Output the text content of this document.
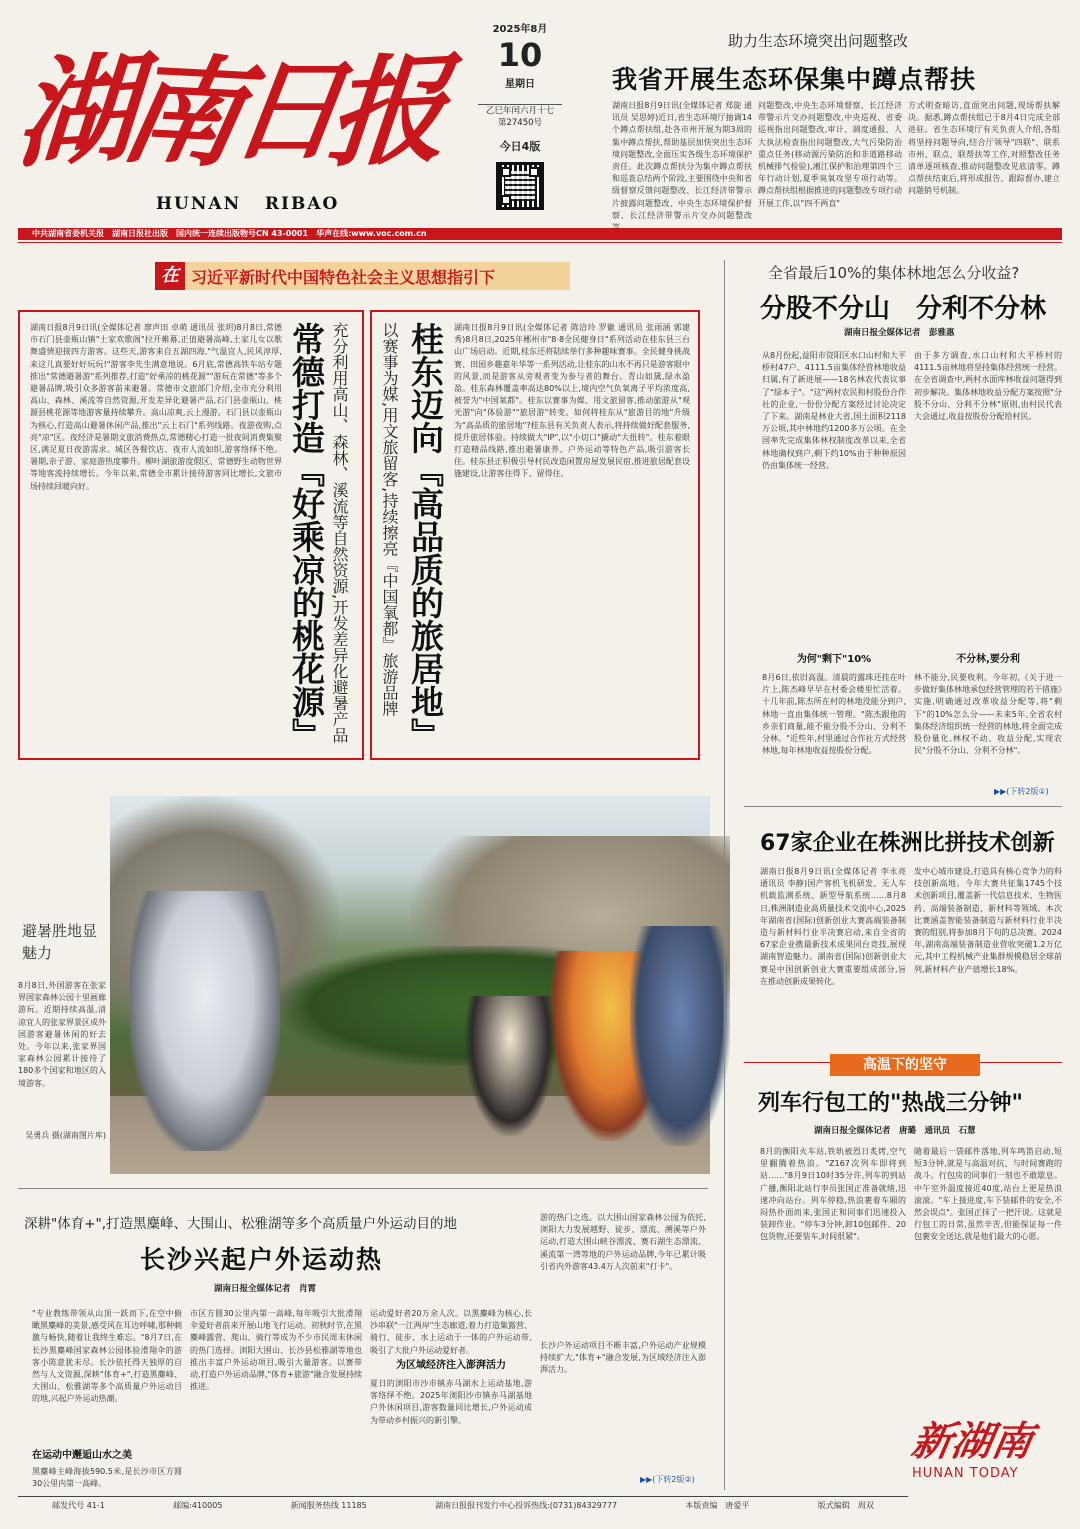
湖
南
日
报
HUNAN   RIBAO
2025年8月
10
星期日
乙巳年闰六月十七
第27450号
今日4版
助力生态环境突出问题整改
我省开展生态环保集中蹲点帮扶
湖南日报8月9日讯(全媒体记者 郑旋 通讯员 吴思婷)近日,省生态环境厅抽调14个蹲点帮扶组,赴各市州开展为期3周的集中蹲点帮扶,帮助基层加快突出生态环境问题整改,全面压实各级生态环境保护责任。此次蹲点帮扶分为集中蹲点帮扶和巡查总结两个阶段,主要围绕中央和省级督察反馈问题整改、长江经济带警示片披露问题整改、中央生态环境保护督察、长江经济带警示片交办问题整改
问题整改,中央生态环境督察、长江经济带警示片交办问题整改,中央巡视、省委巡视指出问题整改,审计、调度通报、人大执法检查指出问题整改,大气污染防治重点任务(移动源污染防治和非道路移动机械排气检验),湘江保护和治理第四个三年行动计划,夏季臭氧攻坚专项行动等。蹲点帮扶组根据推进的问题整改专项行动开展工作,以"四不两直"
方式明查暗访,直面突出问题,现场帮扶解决。据悉,蹲点帮扶组已于8月4日完成全部进驻。省生态环境厅有关负责人介绍,各组将坚持问题导向,结合厅领导"四联"、联系市州、联点、联帮扶等工作,对照整改任务清单逐项核查,推动问题整改见底清零。蹲点帮扶结束后,将形成报告、跟踪督办,建立问题销号机制。
中共湖南省委机关报　湖南日报社出版　国内统一连续出版物号CN 43-0001　华声在线:www.voc.com.cn
在 习近平新时代中国特色社会主义思想指引下
湖南日报8月9日讯(全媒体记者 廖声田 卓萌 通讯员 张玥)8月8日,常德市石门县壶瓶山镇"土家欢歌阁"拉开帷幕,正值避暑高峰,土家儿女以歌舞盛情迎接四方游客。这些天,游客来自五湖四海,"气温宜人,民风淳厚,来这儿真要好好玩玩!"游客李先生满意地说。6月底,常德高铁车站专题推出"常德避暑游"系列推荐,打造"好乘凉的桃花源""游玩在常德"等多个避暑品牌,吸引众多游客前来避暑。常德市文旅部门介绍,全市充分利用高山、森林、溪流等自然资源,开发差异化避暑产品,石门县壶瓶山、桃源县桃花源等地游客量持续攀升。高山凉爽,云上漫游。石门县以壶瓶山为核心,打造高山避暑休闲产品,推出"云上石门"系列线路。夜游夜购,点亮"凉"区。夜经济是暑期文旅消费热点,常德精心打造一批夜间消费集聚区,满足夏日夜游需求。城区各餐饮店、夜市人流如织,游客络绎不绝。暑期,亲子游、家庭游热度攀升。柳叶湖旅游度假区、常德野生动物世界等地客流持续增长。今年以来,常德全市累计接待游客同比增长,文旅市场持续回暖向好。	常德打造『好乘凉的桃花源』 充分利用高山、森林、溪流等自然资源,开发差异化避暑产品 以赛事为媒,用文旅留客,持续擦亮『中国氧都』旅游品牌 桂东迈向『高品质的旅居地』 湖南日报8月9日讯(全媒体记者 陈洽玲 罗徽 通讯员 张雨涵 郭建秀)8月8日,2025年郴州市"8·8全民健身日"系列活动在桂东县三台山广场启动。近期,桂东还将陆续举行多种趣味赛事。全民健身挑战赛、田园乡趣嘉年华等一系列活动,让桂东的山水不再只是游客眼中的风景,而是游客从旁观者变为参与者的舞台。青山如黛,绿水盈盈。桂东森林覆盖率高达80%以上,境内空气负氧离子平均浓度高,被誉为"中国氧都"。桂东以赛事为媒、用文旅留客,推动旅游从"观光游"向"体验游""旅居游"转变。如何将桂东从"旅游目的地"升级为"高品质的旅居地"?桂东县有关负责人表示,将持续做好配套服务,提升旅居体验。持续做大"IP",以"小切口"撬动"大扭转"。桂东着眼打造精品线路,推出避暑康养、户外运动等特色产品,吸引游客长住。桂东县正积极引导村民改造闲置房屋发展民宿,推进旅居配套设施建设,让游客住得下、留得住。
避暑胜地显魅力
8月8日,外国游客在张家界国家森林公园十里画廊游玩。近期持续高温,清凉宜人的张家界景区成外国游客避暑休闲的好去处。今年以来,张家界国家森林公园累计接待了180多个国家和地区的入境游客。
吴勇兵 摄(湖南图片库)
全省最后10%的集体林地怎么分收益?
分股不分山　分利不分林
湖南日报全媒体记者　彭雅惠
从8月份起,益阳市资阳区水口山村和大平桥村47户、4111.5亩集体经营林地收益归属,有了新进展——18名林农代表议事了"绿本子"。"这"两村农民和村股份合作社的企业,一份份分配方案经过讨论决定了下来。湖南是林业大省,国土面积2118万公顷,其中林地约1200多万公顷。在全国率先完成集体林权制度改革以来,全省林地确权到户,剩下约10%由于种种原因仍由集体统一经营。
为何"剩下"10%
8月6日,依旧高温。清晨的露珠还挂在叶片上,陈杰峰早早在村委会楼里忙活着。十几年前,陈杰所在村的林地没能分到户,林地一直由集体统一管理。"陈杰跟他的乡亲们商量,能不能分股不分山、分利不分林。"近些年,村里通过合作社方式经营林地,每年林地收益按股份分配。
由于多方调查,水口山村和大平桥村的4111.5亩林地将坚持集体经营统一经营。在全省调查中,两村水面库林收益问题得到初步解决。集体林地收益分配方案按照"分股不分山、分利不分林"原则,由村民代表大会通过,收益按股份分配给村民。
不分林,要分利
林不能分,民要收利。今年初,《关于进一步做好集体林地承包经营管理的若干措施》实施,明确通过改革收益分配等,将"剩下"的10%怎么分——未来5年,全省农村集体经济组织统一经营的林地,将全面完成股份量化,林权不动、收益分配,实现农民"分股不分山、分利不分林"。
▶▶(下转2版①)
67家企业在株洲比拼技术创新
湖南日报8月9日讯(全媒体记者 李永亮 通讯员 李静)国产客机飞机研发、无人车机载监测系统、新型导航系统……8月8日,株洲制造业高质量技术交流中心,2025年湖南省(国际)创新创业大赛高端装备制造与新材料行业半决赛启动,来自全省的67家企业携最新技术成果同台竞技,展现湖南智造魅力。湖南省(国际)创新创业大赛是中国创新创业大赛重要组成部分,旨在推动创新成果转化。
发中心城市建设,打造具有核心竞争力的科技创新高地。今年大赛共征集1745个技术创新项目,覆盖新一代信息技术、生物医药、高端装备制造、新材料等领域。本次比赛涵盖智能装备制造与新材料行业半决赛的组别,将参加8月下旬的总决赛。2024年,湖南高端装备制造业营收突破1.2万亿元,其中工程机械产业集群规模稳居全球前列,新材料产业产值增长18%。
高温下的坚守
列车行包工的"热战三分钟"
湖南日报全媒体记者　唐璐　通讯员　石慧
8月的衡阳火车站,铁轨被烈日炙烤,空气里翻腾着热浪。"Z167次列车即将到站……"8月9日10时35分许,列车的到站广播,衡阳北站行李员张国正准备就绪,迅速冲向站台。列车停稳,热浪裹着车厢的闷热扑面而来,张国正和同事们迅速投入装卸作业。"停车3分钟,卸10包邮件、20包货物,还要装车,时间很紧"。
随着最后一袋邮件落地,列车鸣笛启动,短短3分钟,就是与高温对抗、与时间赛跑的战斗。行包房的同事们一刻也不敢歇息。中午室外温度接近40度,站台上更是热浪滚滚。"车上接进度,车下装邮件的安全,不然会误点"。张国正抹了一把汗说。这就是行包工的日常,虽然辛苦,但能保证每一件包裹安全送达,就是他们最大的心愿。
新湖南
HUNAN TODAY
深耕"体育+",打造黑麋峰、大围山、松雅湖等多个高质量户外运动目的地
长沙兴起户外运动热
湖南日报全媒体记者　肖霄
"专业教练带领从山顶一跃而下,在空中俯瞰黑麋峰的美景,感受风在耳边呼啸,那种刺激与畅快,随着让我终生难忘。"8月7日,在长沙黑麋峰国家森林公园体验滑翔伞的游客小陈意犹未尽。长沙依托得天独厚的自然与人文资源,深耕"体育+",打造黑麋峰、大围山、松雅湖等多个高质量户外运动目的地,兴起户外运动热潮。
在运动中邂逅山水之美
黑麋峰主峰海拔590.5米,是长沙市区方圆30公里内第一高峰。
市区方圆30公里内第一高峰,每年吸引大批滑翔伞爱好者前来开展山地飞行运动。初秋时节,在黑麋峰露营、爬山、骑行等成为不少市民周末休闲的热门选择。浏阳大围山、长沙县松雅湖等地也推出丰富户外运动项目,吸引大量游客。以赛带动,打造户外运动品牌,"体育+旅游"融合发展持续推进。
运动爱好者20万余人次。以黑麋峰为核心,长沙串联"一江两岸"生态廊道,着力打造集露营、骑行、徒步、水上运动于一体的户外运动带,吸引了大批户外运动爱好者。
为区域经济注入澎湃活力
夏日的浏阳市沙市镇赤马湖水上运动基地,游客络绎不绝。2025年浏阳沙市镇赤马湖基地户外休闲项目,游客数量同比增长,户外运动成为带动乡村振兴的新引擎。
游的热门之选。以大围山国家森林公园为依托,浏阳大力发展越野、徒步、漂流、溯溪等户外运动,打造大围山峡谷漂流、赛石湖生态漂流、溪流第一湾等地的户外运动品牌,今年已累计吸引省内外游客43.4万人次前来"打卡"。
长沙户外运动项目不断丰富,户外运动产业规模持续扩大,"体育+"融合发展,为区域经济注入澎湃活力。
▶▶(下转2版②)
邮发代号 41-1	邮编:410005	新闻服务热线 11185	湖南日报报刊发行中心投诉热线:(0731)84329777	本版责编　唐爱平	版式编辑　周双
